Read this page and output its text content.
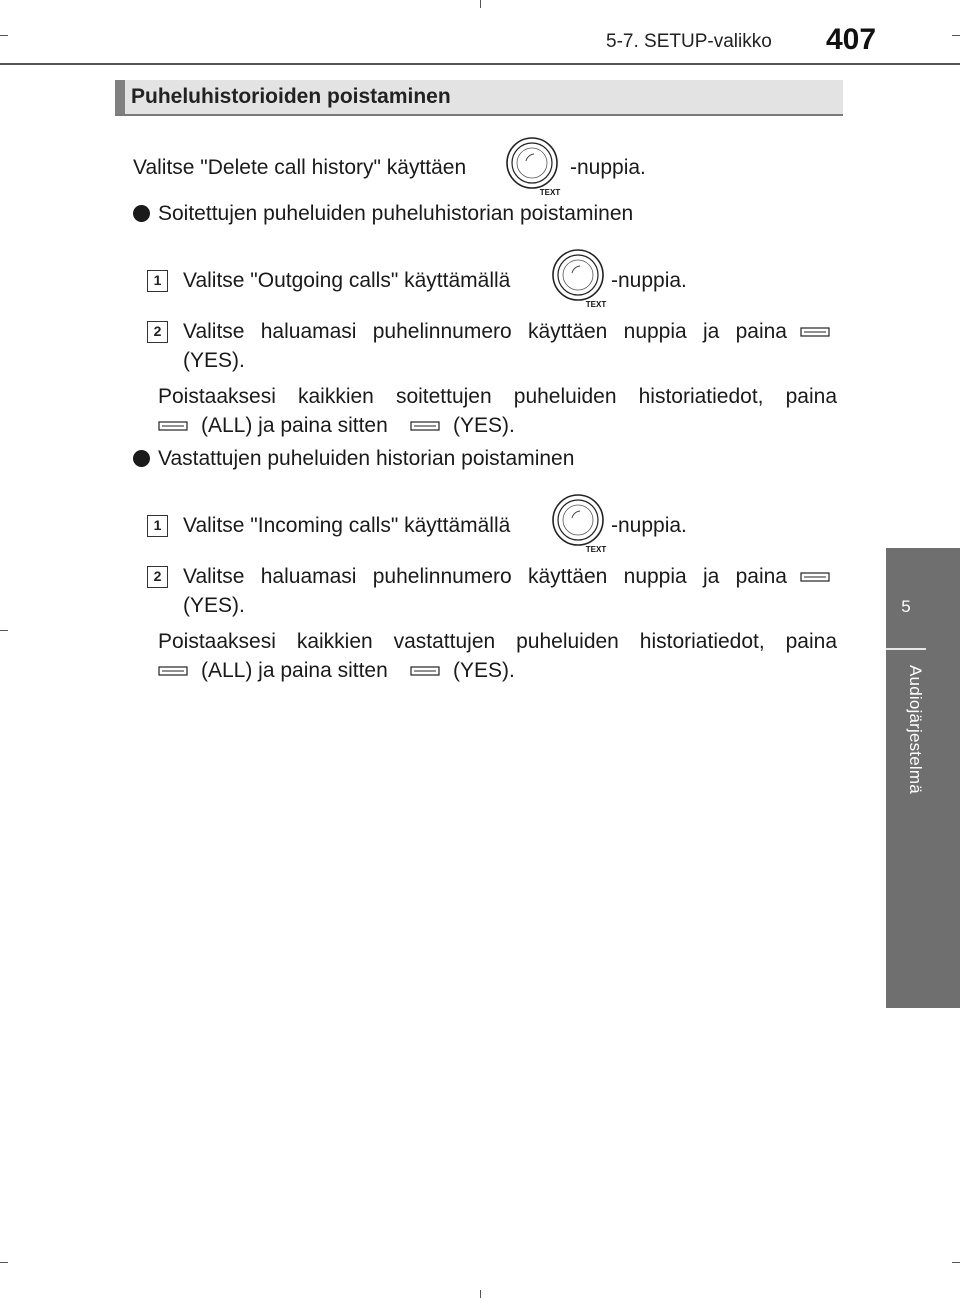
5-7. SETUP-valikko 407
5
Audiojärjestelmä
Puheluhistorioiden poistaminen
Valitse "Delete call history" käyttäen	-nuppia.
Soitettujen puheluiden puheluhistorian poistaminen
1	Valitse "Outgoing calls" käyttämällä	-nuppia.
2	Valitse haluamasi puhelinnumero käyttäen nuppia ja paina
(YES).
Poistaaksesi kaikkien soitettujen puheluiden historiatiedot, paina
(ALL) ja paina sitten	(YES).
Vastattujen puheluiden historian poistaminen
1	Valitse "Incoming calls" käyttämällä	-nuppia.
2	Valitse haluamasi puhelinnumero käyttäen nuppia ja paina
(YES).
Poistaaksesi kaikkien vastattujen puheluiden historiatiedot, paina
(ALL) ja paina sitten	(YES).
